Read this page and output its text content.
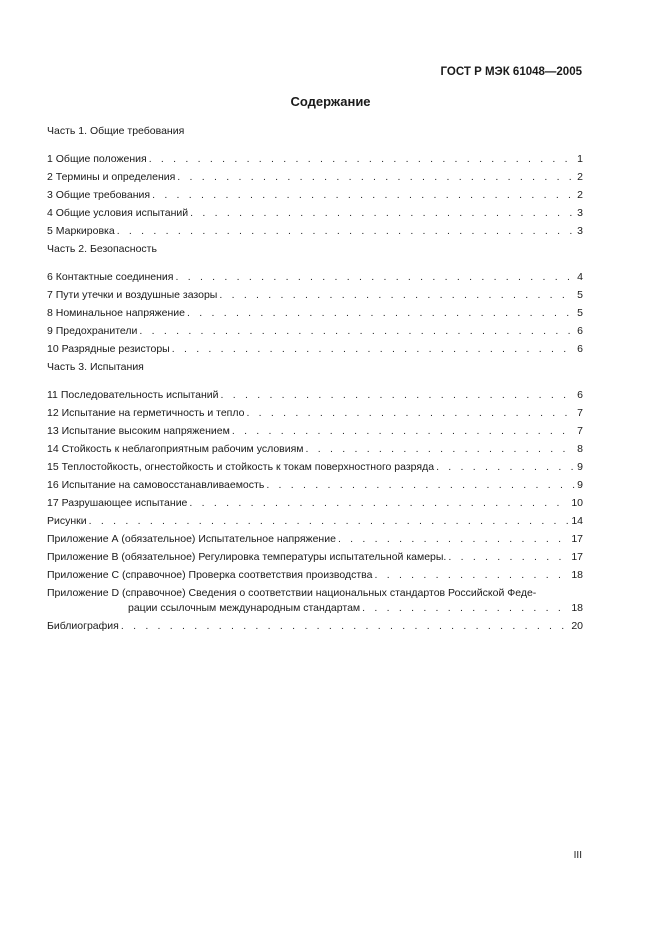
ГОСТ Р МЭК 61048—2005
Содержание
Часть 1. Общие требования
1 Общие положения . . .	1
2 Термины и определения . . .	2
3 Общие требования . . .	2
4 Общие условия испытаний . . .	3
5 Маркировка . . .	3
Часть 2. Безопасность
6 Контактные соединения . . .	4
7 Пути утечки и воздушные зазоры . . .	5
8 Номинальное напряжение . . .	5
9 Предохранители . . .	6
10 Разрядные резисторы . . .	6
Часть 3. Испытания
11 Последовательность испытаний . . .	6
12 Испытание на герметичность и тепло . . .	7
13 Испытание высоким напряжением . . .	7
14 Стойкость к неблагоприятным рабочим условиям . . .	8
15 Теплостойкость, огнестойкость и стойкость к токам поверхностного разряда . . .	9
16 Испытание на самовосстанавливаемость . . .	9
17 Разрушающее испытание . . .	10
Рисунки . . .	14
Приложение А (обязательное) Испытательное напряжение . . .	17
Приложение В (обязательное) Регулировка температуры испытательной камеры. . . .	17
Приложение С (справочное) Проверка соответствия производства . . .	18
Приложение D (справочное) Сведения о соответствии национальных стандартов Российской Феде-
рации ссылочным международным стандартам . . .	18
Библиография . . .	20
III
